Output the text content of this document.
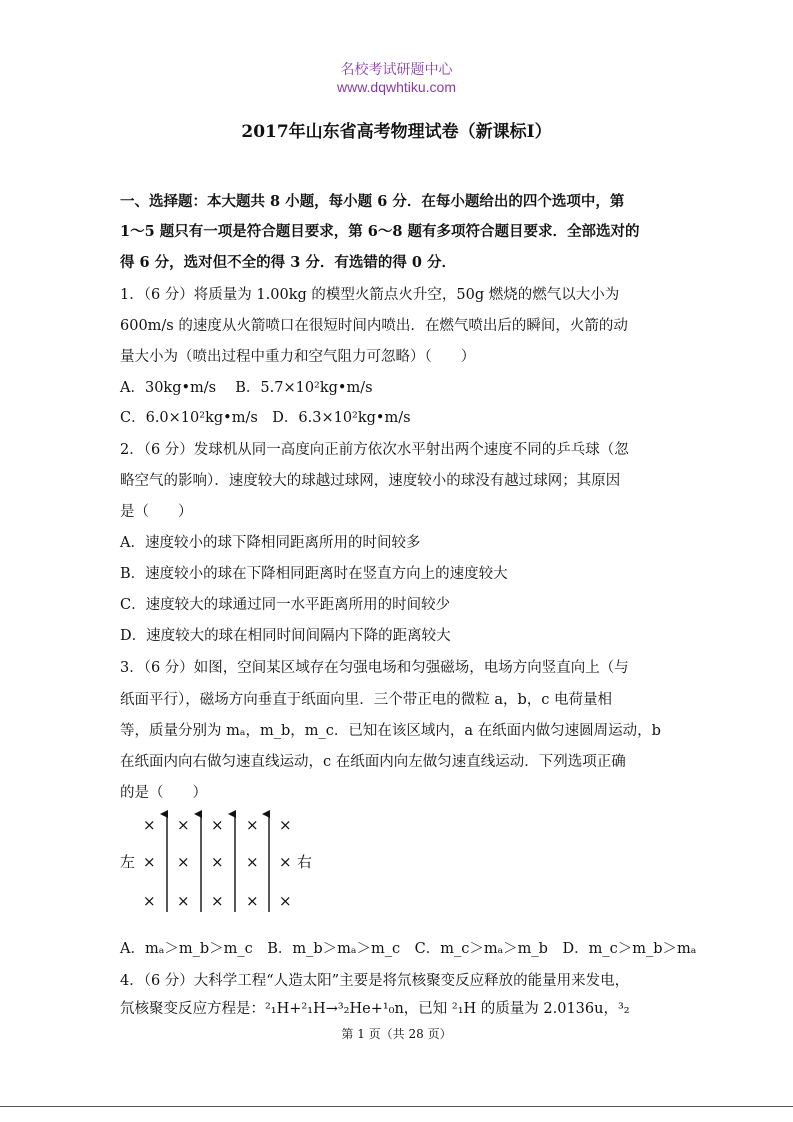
名校考试研题中心
www.dqwhtiku.com
2017年山东省高考物理试卷（新课标Ⅰ）
一、选择题：本大题共 8 小题，每小题 6 分．在每小题给出的四个选项中，第
1～5 题只有一项是符合题目要求，第 6～8 题有多项符合题目要求．全部选对的
得 6 分，选对但不全的得 3 分．有选错的得 0 分．
1．（6 分）将质量为 1.00kg 的模型火箭点火升空，50g 燃烧的燃气以大小为
600m/s 的速度从火箭喷口在很短时间内喷出．在燃气喷出后的瞬间，火箭的动
量大小为（喷出过程中重力和空气阻力可忽略）（　　）
A．30kg•m/s　 B．5.7×10²kg•m/s
C．6.0×10²kg•m/s　D．6.3×10²kg•m/s
2．（6 分）发球机从同一高度向正前方依次水平射出两个速度不同的乒乓球（忽
略空气的影响）．速度较大的球越过球网，速度较小的球没有越过球网；其原因
是（　　）
A．速度较小的球下降相同距离所用的时间较多
B．速度较小的球在下降相同距离时在竖直方向上的速度较大
C．速度较大的球通过同一水平距离所用的时间较少
D．速度较大的球在相同时间间隔内下降的距离较大
3．（6 分）如图，空间某区域存在匀强电场和匀强磁场，电场方向竖直向上（与
纸面平行），磁场方向垂直于纸面向里．三个带正电的微粒 a，b，c 电荷量相
等，质量分别为 mₐ，m_b，m_c．已知在该区域内，a 在纸面内做匀速圆周运动，b
在纸面内向右做匀速直线运动，c 在纸面内向左做匀速直线运动．下列选项正确
的是（　　）
× × × × ×
左 × × × × × 右
× × × × ×
A．mₐ＞m_b＞m_c　B．m_b＞mₐ＞m_c　C．m_c＞mₐ＞m_b　D．m_c＞m_b＞mₐ
4．（6 分）大科学工程“人造太阳”主要是将氘核聚变反应释放的能量用来发电，
氘核聚变反应方程是：²₁H+²₁H→³₂He+¹₀n，已知 ²₁H 的质量为 2.0136u，³₂
第 1 页（共 28 页）
